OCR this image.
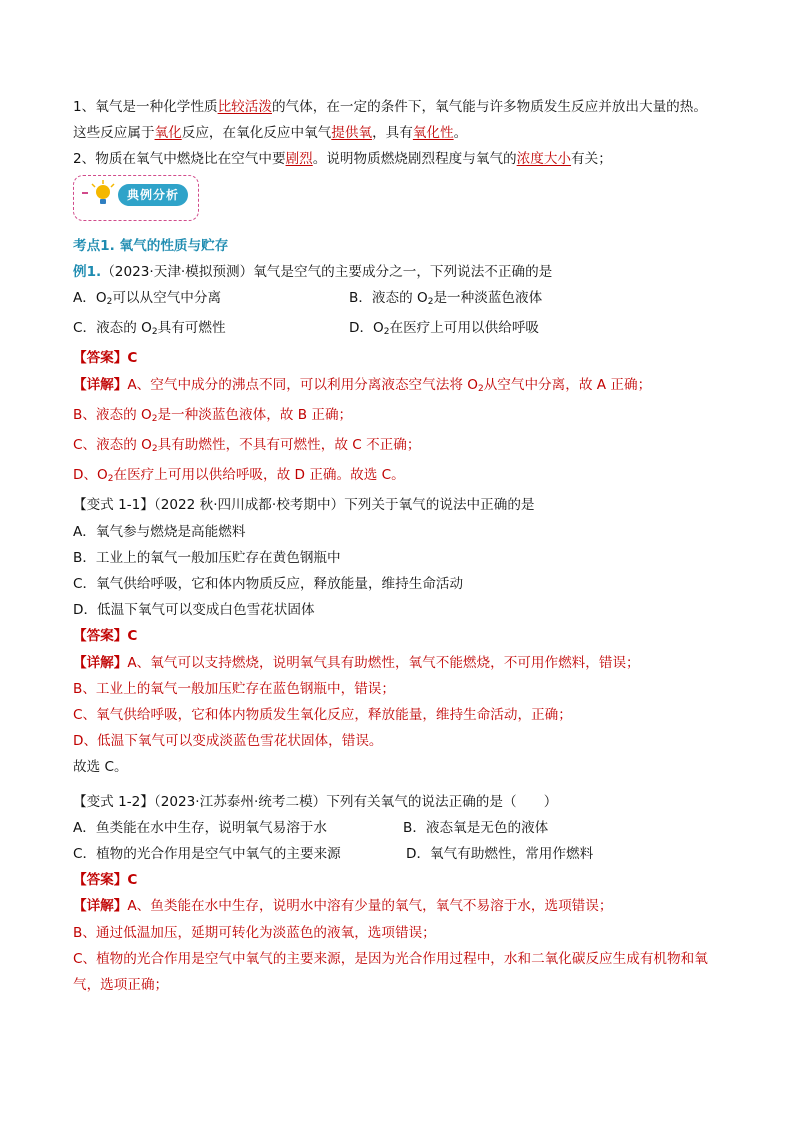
1、氧气是一种化学性质比较活泼的气体，在一定的条件下，氧气能与许多物质发生反应并放出大量的热。
这些反应属于氧化反应，在氧化反应中氧气提供氧，具有氧化性。
2、物质在氧气中燃烧比在空气中要剧烈。说明物质燃烧剧烈程度与氧气的浓度大小有关；
典例分析
考点1. 氧气的性质与贮存
例1.（2023·天津·模拟预测）氧气是空气的主要成分之一，下列说法不正确的是
A．$O_2$可以从空气中分离	B．液态的 $O_2$是一种淡蓝色液体
C．液态的 $O_2$具有可燃性	D．$O_2$在医疗上可用以供给呼吸
【答案】C
【详解】A、空气中成分的沸点不同，可以利用分离液态空气法将 $O_2$从空气中分离，故 A 正确；
B、液态的 $O_2$是一种淡蓝色液体，故 B 正确；
C、液态的 $O_2$具有助燃性，不具有可燃性，故 C 不正确；
D、$O_2$在医疗上可用以供给呼吸，故 D 正确。故选 C。
【变式 1-1】（2022 秋·四川成都·校考期中）下列关于氧气的说法中正确的是
A．氧气参与燃烧是高能燃料
B．工业上的氧气一般加压贮存在黄色钢瓶中
C．氧气供给呼吸，它和体内物质反应，释放能量，维持生命活动
D．低温下氧气可以变成白色雪花状固体
【答案】C
【详解】A、氧气可以支持燃烧，说明氧气具有助燃性，氧气不能燃烧，不可用作燃料，错误；
B、工业上的氧气一般加压贮存在蓝色钢瓶中，错误；
C、氧气供给呼吸，它和体内物质发生氧化反应，释放能量，维持生命活动，正确；
D、低温下氧气可以变成淡蓝色雪花状固体，错误。
故选 C。
【变式 1-2】（2023·江苏泰州·统考二模）下列有关氧气的说法正确的是（　　）
A．鱼类能在水中生存，说明氧气易溶于水	B．液态氧是无色的液体
C．植物的光合作用是空气中氧气的主要来源	D．氧气有助燃性，常用作燃料
【答案】C
【详解】A、鱼类能在水中生存，说明水中溶有少量的氧气，氧气不易溶于水，选项错误；
B、通过低温加压，延期可转化为淡蓝色的液氧，选项错误；
C、植物的光合作用是空气中氧气的主要来源，是因为光合作用过程中，水和二氧化碳反应生成有机物和氧
气，选项正确；
